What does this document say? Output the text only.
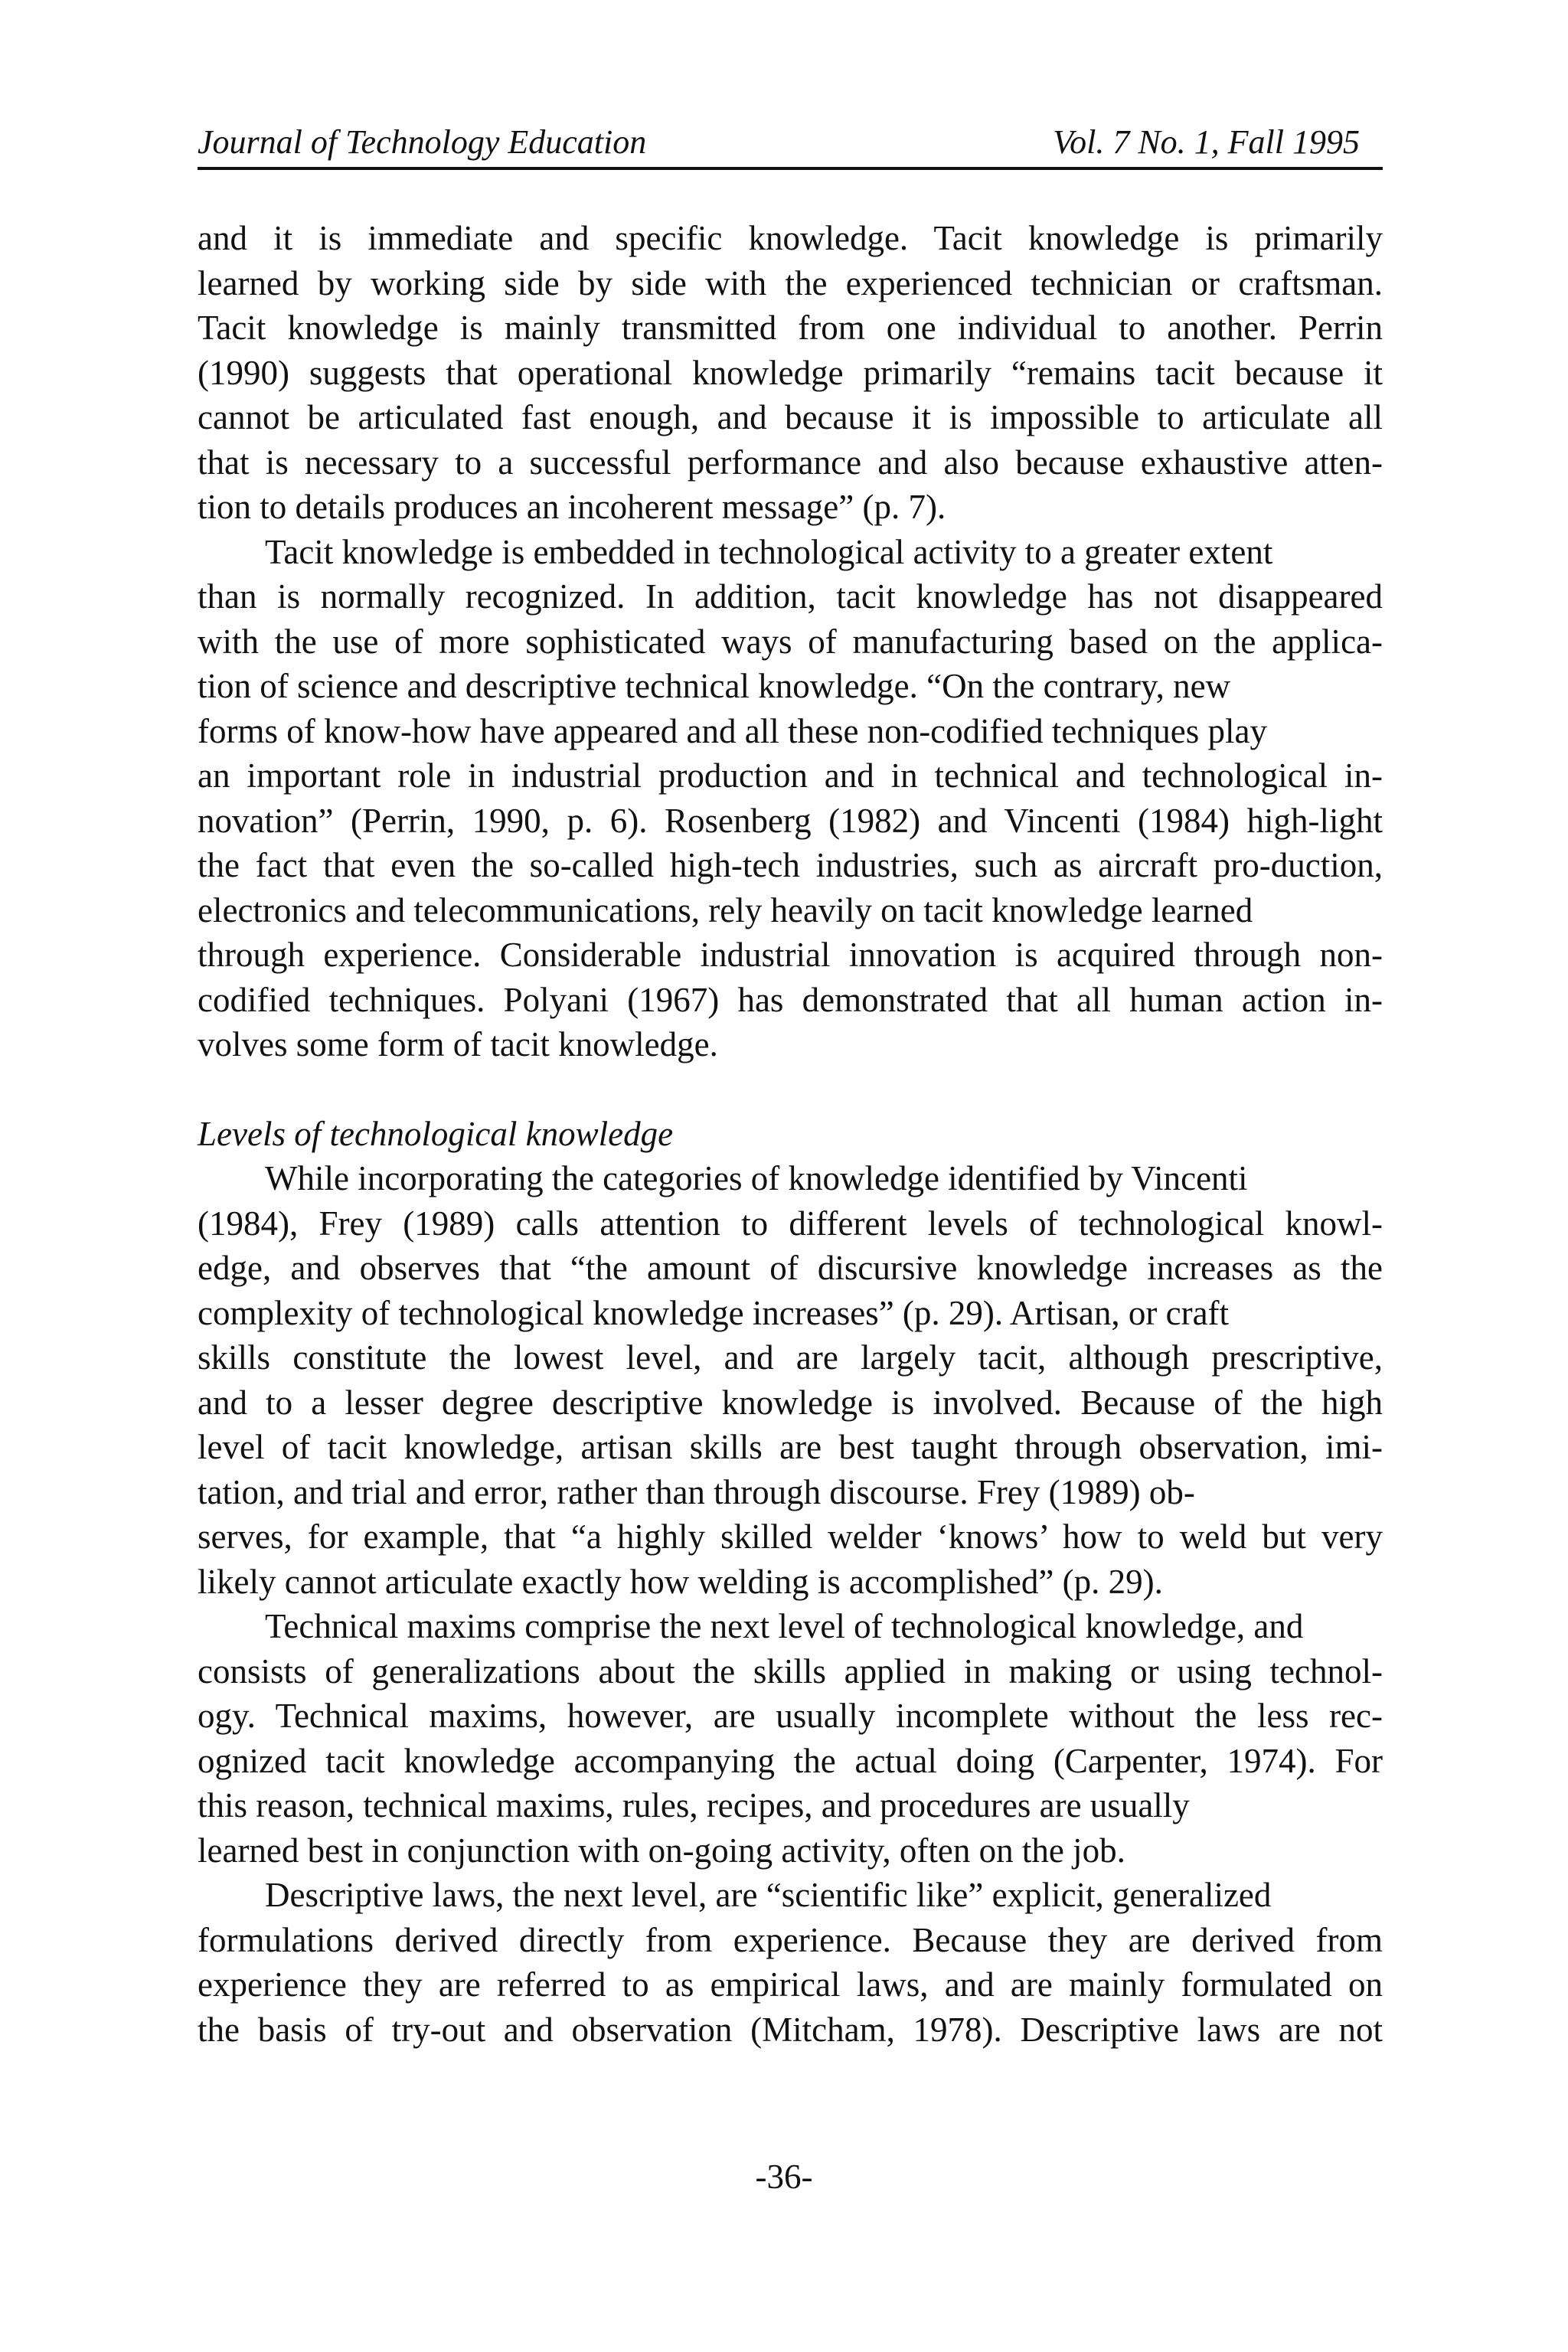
Journal of Technology Education	Vol. 7 No. 1, Fall 1995
and it is immediate and specific knowledge. Tacit knowledge is primarily
learned by working side by side with the experienced technician or craftsman.
Tacit knowledge is mainly transmitted from one individual to another. Perrin
(1990) suggests that operational knowledge primarily “remains tacit because it
cannot be articulated fast enough, and because it is impossible to articulate all
that is necessary to a successful performance and also because exhaustive atten-
tion to details produces an incoherent message” (p. 7).
Tacit knowledge is embedded in technological activity to a greater extent
than is normally recognized. In addition, tacit knowledge has not disappeared
with the use of more sophisticated ways of manufacturing based on the applica-
tion of science and descriptive technical knowledge. “On the contrary, new
forms of know-how have appeared and all these non-codified techniques play
an important role in industrial production and in technical and technological in-
novation” (Perrin, 1990, p. 6). Rosenberg (1982) and Vincenti (1984) high-light
the fact that even the so-called high-tech industries, such as aircraft pro-duction,
electronics and telecommunications, rely heavily on tacit knowledge learned
through experience. Considerable industrial innovation is acquired through non-
codified techniques. Polyani (1967) has demonstrated that all human action in-
volves some form of tacit knowledge.
Levels of technological knowledge
While incorporating the categories of knowledge identified by Vincenti
(1984), Frey (1989) calls attention to different levels of technological knowl-
edge, and observes that “the amount of discursive knowledge increases as the
complexity of technological knowledge increases” (p. 29). Artisan, or craft
skills constitute the lowest level, and are largely tacit, although prescriptive,
and to a lesser degree descriptive knowledge is involved. Because of the high
level of tacit knowledge, artisan skills are best taught through observation, imi-
tation, and trial and error, rather than through discourse. Frey (1989) ob-
serves, for example, that “a highly skilled welder ‘knows’ how to weld but very
likely cannot articulate exactly how welding is accomplished” (p. 29).
Technical maxims comprise the next level of technological knowledge, and
consists of generalizations about the skills applied in making or using technol-
ogy. Technical maxims, however, are usually incomplete without the less rec-
ognized tacit knowledge accompanying the actual doing (Carpenter, 1974). For
this reason, technical maxims, rules, recipes, and procedures are usually
learned best in conjunction with on-going activity, often on the job.
Descriptive laws, the next level, are “scientific like” explicit, generalized
formulations derived directly from experience. Because they are derived from
experience they are referred to as empirical laws, and are mainly formulated on
the basis of try-out and observation (Mitcham, 1978). Descriptive laws are not
-36-
